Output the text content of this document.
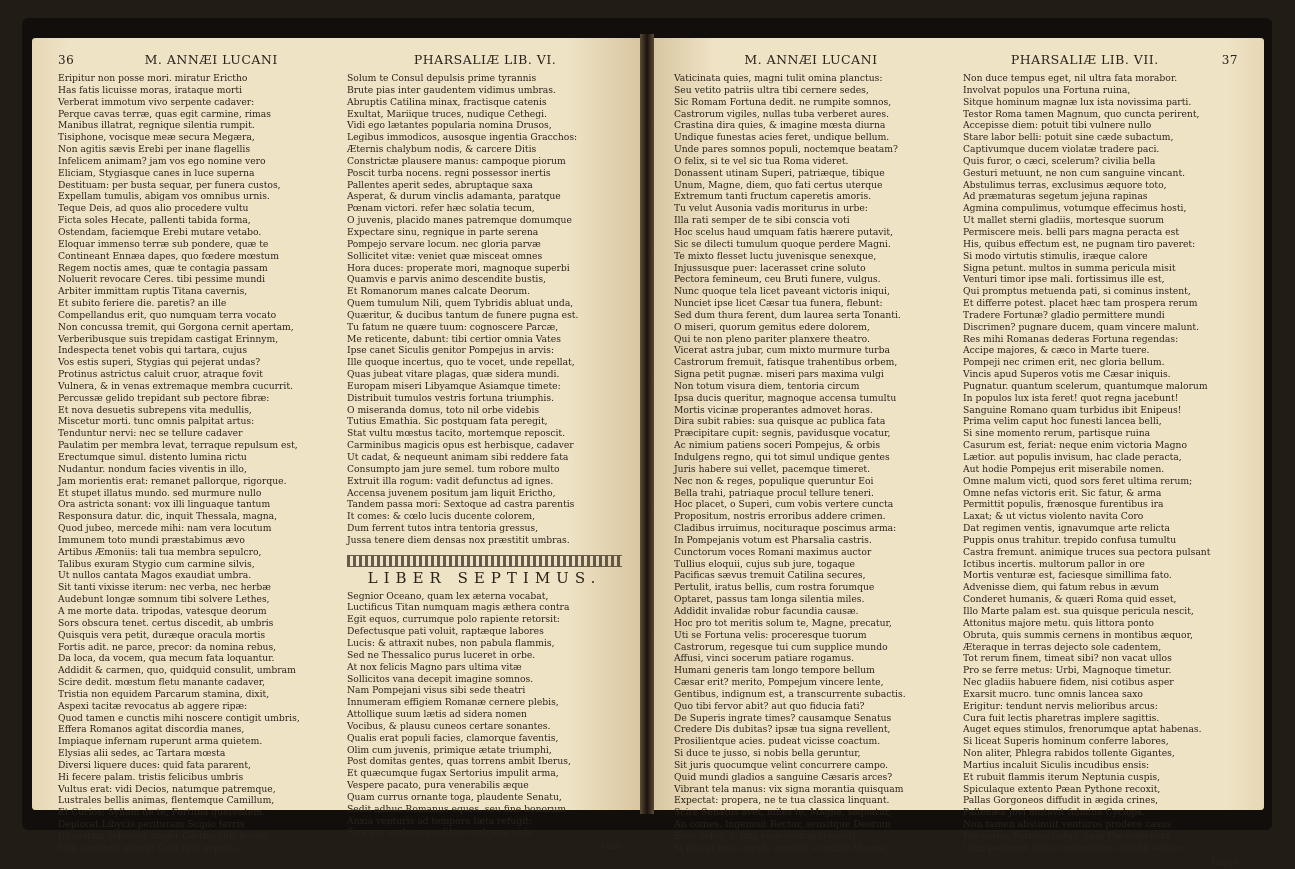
36	M. ANNÆI LUCANI	PHARSALIÆ LIB. VI.
Eripitur non posse mori. miratur Erictho
Has fatis licuisse moras, irataque morti
Verberat immotum vivo serpente cadaver:
Perque cavas terræ, quas egit carmine, rimas
Manibus illatrat, regnique silentia rumpit.
Tisiphone, vocisque meæ secura Megæra,
Non agitis sævis Erebi per inane flagellis
Infelicem animam? jam vos ego nomine vero
Eliciam, Stygiasque canes in luce superna
Destituam: per busta sequar, per funera custos,
Expellam tumulis, abigam vos omnibus urnis.
Teque Deis, ad quos alio procedere vultu
Ficta soles Hecate, pallenti tabida forma,
Ostendam, faciemque Erebi mutare vetabo.
Eloquar immenso terræ sub pondere, quæ te
Contineant Ennæa dapes, quo fœdere mœstum
Regem noctis ames, quæ te contagia passam
Noluerit revocare Ceres. tibi pessime mundi
Arbiter immittam ruptis Titana cavernis,
Et subito feriere die. paretis? an ille
Compellandus erit, quo numquam terra vocato
Non concussa tremit, qui Gorgona cernit apertam,
Verberibusque suis trepidam castigat Erinnym,
Indespecta tenet vobis qui tartara, cujus
Vos estis superi, Stygias qui pejerat undas?
Protinus astrictus caluit cruor, atraque fovit
Vulnera, & in venas extremaque membra cucurrit.
Percussæ gelido trepidant sub pectore fibræ:
Et nova desuetis subrepens vita medullis,
Miscetur morti. tunc omnis palpitat artus:
Tenduntur nervi: nec se tellure cadaver
Paulatim per membra levat, terraque repulsum est,
Erectumque simul. distento lumina rictu
Nudantur. nondum facies viventis in illo,
Jam morientis erat: remanet pallorque, rigorque.
Et stupet illatus mundo. sed murmure nullo
Ora astricta sonant: vox illi linguaque tantum
Responsura datur. dic, inquit Thessala, magna,
Quod jubeo, mercede mihi: nam vera locutum
Immunem toto mundi præstabimus ævo
Artibus Æmoniis: tali tua membra sepulcro,
Talibus exuram Stygio cum carmine silvis,
Ut nullos cantata Magos exaudiat umbra.
Sit tanti vixisse iterum: nec verba, nec herbæ
Audebunt longæ somnum tibi solvere Lethes,
A me morte data. tripodas, vatesque deorum
Sors obscura tenet. certus discedit, ab umbris
Quisquis vera petit, duræque oracula mortis
Fortis adit. ne parce, precor: da nomina rebus,
Da loca, da vocem, qua mecum fata loquantur.
Addidit & carmen, quo, quidquid consulit, umbram
Scire dedit. mœstum fletu manante cadaver,
Tristia non equidem Parcarum stamina, dixit,
Aspexi tacitæ revocatus ab aggere ripæ:
Quod tamen e cunctis mihi noscere contigit umbris,
Effera Romanos agitat discordia manes,
Impiaque infernam ruperunt arma quietem.
Elysias alii sedes, ac Tartara mœsta
Diversi liquere duces: quid fata pararent,
Hi fecere palam. tristis felicibus umbris
Vultus erat: vidi Decios, natumque patremque,
Lustrales bellis animas, flentemque Camillum,
Et Curios; Syllam de te, Fortuna querentem.
Deplorat Libycis perituram Scipio terris
Infaustam sobolem. major Carthaginis hostis,
Non servituri mœret Cato fata nepotis.
Solum te Consul depulsis prime tyrannis
Brute pias inter gaudentem vidimus umbras.
Abruptis Catilina minax, fractisque catenis
Exultat, Mariique truces, nudique Cethegi.
Vidi ego lætantes popularia nomina Drusos,
Legibus immodicos, ausosque ingentia Gracchos:
Æternis chalybum nodis, & carcere Ditis
Constrictæ plausere manus: campoque piorum
Poscit turba nocens. regni possessor inertis
Pallentes aperit sedes, abruptaque saxa
Asperat, & durum vinclis adamanta, paratque
Pœnam victori. refer hæc solatia tecum,
O juvenis, placido manes patremque domumque
Expectare sinu, regnique in parte serena
Pompejo servare locum. nec gloria parvæ
Sollicitet vitæ: veniet quæ misceat omnes
Hora duces: properate mori, magnoque superbi
Quamvis e parvis animo descendite bustis,
Et Romanorum manes calcate Deorum.
Quem tumulum Nili, quem Tybridis abluat unda,
Quæritur, & ducibus tantum de funere pugna est.
Tu fatum ne quære tuum: cognoscere Parcæ,
Me reticente, dabunt: tibi certior omnia Vates
Ipse canet Siculis genitor Pompejus in arvis:
Ille quoque incertus, quo te vocet, unde repellat,
Quas jubeat vitare plagas, quæ sidera mundi.
Europam miseri Libyamque Asiamque timete:
Distribuit tumulos vestris fortuna triumphis.
O miseranda domus, toto nil orbe videbis
Tutius Emathia. Sic postquam fata peregit,
Stat vultu mœstus tacito, mortemque reposcit.
Carminibus magicis opus est herbisque, cadaver
Ut cadat, & nequeunt animam sibi reddere fata
Consumpto jam jure semel. tum robore multo
Extruit illa rogum: vadit defunctus ad ignes.
Accensa juvenem positum jam liquit Erictho,
Tandem passa mori: Sextoque ad castra parentis
It comes: & cœlo lucis ducente colorem,
Dum ferrent tutos intra tentoria gressus,
Jussa tenere diem densas nox præstitit umbras.
LIBER SEPTIMUS.
Segnior Oceano, quam lex æterna vocabat,
Luctificus Titan numquam magis æthera contra
Egit equos, currumque polo rapiente retorsit:
Defectusque pati voluit, raptæque labores
Lucis: & attraxit nubes, non pabula flammis,
Sed ne Thessalico purus luceret in orbe.
At nox felicis Magno pars ultima vitæ
Sollicitos vana decepit imagine somnos.
Nam Pompejani visus sibi sede theatri
Innumeram effigiem Romanæ cernere plebis,
Attollique suum lætis ad sidera nomen
Vocibus, & plausu cuneos certare sonantes.
Qualis erat populi facies, clamorque faventis,
Olim cum juvenis, primique ætate triumphi,
Post domitas gentes, quas torrens ambit Iberus,
Et quæcumque fugax Sertorius impulit arma,
Vespere pacato, pura venerabilis æque
Quam currus ornante toga, plaudente Senatu,
Sedit adhuc Romanus eques. seu fine bonorum
Anxia venturis ad tempora læta refugit:
Sive per ambages solitas contraria visis
Vati-
M. ANNÆI LUCANI	PHARSALIÆ LIB. VII.	37
Vaticinata quies, magni tulit omina planctus:
Seu vetito patriis ultra tibi cernere sedes,
Sic Romam Fortuna dedit. ne rumpite somnos,
Castrorum vigiles, nullas tuba verberet aures.
Crastina dira quies, & imagine mœsta diurna
Undique funestas acies feret, undique bellum.
Unde pares somnos populi, noctemque beatam?
O felix, si te vel sic tua Roma videret.
Donassent utinam Superi, patriæque, tibique
Unum, Magne, diem, quo fati certus uterque
Extremum tanti fructum caperetis amoris.
Tu velut Ausonia vadis moriturus in urbe:
Illa rati semper de te sibi conscia voti
Hoc scelus haud umquam fatis hærere putavit,
Sic se dilecti tumulum quoque perdere Magni.
Te mixto flesset luctu juvenisque senexque,
Injussusque puer: lacerasset crine soluto
Pectora femineum, ceu Bruti funere, vulgus.
Nunc quoque tela licet paveant victoris iniqui,
Nunciet ipse licet Cæsar tua funera, flebunt:
Sed dum thura ferent, dum laurea serta Tonanti.
O miseri, quorum gemitus edere dolorem,
Qui te non pleno pariter planxere theatro.
Vicerat astra jubar, cum mixto murmure turba
Castrorum fremuit, fatisque trahentibus orbem,
Signa petit pugnæ. miseri pars maxima vulgi
Non totum visura diem, tentoria circum
Ipsa ducis queritur, magnoque accensa tumultu
Mortis vicinæ properantes admovet horas.
Dira subit rabies: sua quisque ac publica fata
Præcipitare cupit: segnis, pavidusque vocatur,
Ac nimium patiens soceri Pompejus, & orbis
Indulgens regno, qui tot simul undique gentes
Juris habere sui vellet, pacemque timeret.
Nec non & reges, populique queruntur Eoi
Bella trahi, patriaque procul tellure teneri.
Hoc placet, o Superi, cum vobis vertere cuncta
Propositum, nostris erroribus addere crimen.
Cladibus irruimus, nocituraque poscimus arma:
In Pompejanis votum est Pharsalia castris.
Cunctorum voces Romani maximus auctor
Tullius eloquii, cujus sub jure, togaque
Pacificas sævus tremuit Catilina secures,
Pertulit, iratus bellis, cum rostra forumque
Optaret, passus tam longa silentia miles.
Addidit invalidæ robur facundia causæ.
Hoc pro tot meritis solum te, Magne, precatur,
Uti se Fortuna velis: proceresque tuorum
Castrorum, regesque tui cum supplice mundo
Affusi, vinci socerum patiare rogamus.
Humani generis tam longo tempore bellum
Cæsar erit? merito, Pompejum vincere lente,
Gentibus, indignum est, a transcurrente subactis.
Quo tibi fervor abit? aut quo fiducia fati?
De Superis ingrate times? causamque Senatus
Credere Dis dubitas? ipsæ tua signa revellent,
Prosilientque acies. pudeat vicisse coactum.
Si duce te jusso, si nobis bella geruntur,
Sit juris quocumque velint concurrere campo.
Quid mundi gladios a sanguine Cæsaris arces?
Vibrant tela manus: vix signa morantia quisquam
Expectat: propera, ne te tua classica linquant.
Scire Senatus avet, miles te, Magne, sequatur,
An comes. Ingemuit Rector, sensitque Deorum
Esse dolos, & fata suæ contraria menti.
Si placet hoc, inquit, cunctis, si milite Magno,
Non duce tempus eget, nil ultra fata morabor.
Involvat populos una Fortuna ruina,
Sitque hominum magnæ lux ista novissima parti.
Testor Roma tamen Magnum, quo cuncta perirent,
Accepisse diem: potuit tibi vulnere nullo
Stare labor belli: potuit sine cæde subactum,
Captivumque ducem violatæ tradere paci.
Quis furor, o cæci, scelerum? civilia bella
Gesturi metuunt, ne non cum sanguine vincant.
Abstulimus terras, exclusimus æquore toto,
Ad præmaturas segetum jejuna rapinas
Agmina compulimus, votumque effecimus hosti,
Ut mallet sterni gladiis, mortesque suorum
Permiscere meis. belli pars magna peracta est
His, quibus effectum est, ne pugnam tiro paveret:
Si modo virtutis stimulis, iræque calore
Signa petunt. multos in summa pericula misit
Venturi timor ipse mali. fortissimus ille est,
Qui promptus metuenda pati, si cominus instent,
Et differre potest. placet hæc tam prospera rerum
Tradere Fortunæ? gladio permittere mundi
Discrimen? pugnare ducem, quam vincere malunt.
Res mihi Romanas dederas Fortuna regendas:
Accipe majores, & cæco in Marte tuere.
Pompeji nec crimen erit, nec gloria bellum.
Vincis apud Superos votis me Cæsar iniquis.
Pugnatur. quantum scelerum, quantumque malorum
In populos lux ista feret! quot regna jacebunt!
Sanguine Romano quam turbidus ibit Enipeus!
Prima velim caput hoc funesti lancea belli,
Si sine momento rerum, partisque ruina
Casurum est, feriat: neque enim victoria Magno
Lætior. aut populis invisum, hac clade peracta,
Aut hodie Pompejus erit miserabile nomen.
Omne malum victi, quod sors feret ultima rerum;
Omne nefas victoris erit. Sic fatur, & arma
Permittit populis, frænosque furentibus ira
Laxat; & ut victus violento navita Coro
Dat regimen ventis, ignavumque arte relicta
Puppis onus trahitur. trepido confusa tumultu
Castra fremunt. animique truces sua pectora pulsant
Ictibus incertis. multorum pallor in ore
Mortis venturæ est, faciesque simillima fato.
Advenisse diem, qui fatum rebus in ævum
Conderet humanis, & quæri Roma quid esset,
Illo Marte palam est. sua quisque pericula nescit,
Attonitus majore metu. quis littora ponto
Obruta, quis summis cernens in montibus æquor,
Æteraque in terras dejecto sole cadentem,
Tot rerum finem, timeat sibi? non vacat ullos
Pro se ferre metus: Urbi, Magnoque timetur.
Nec gladiis habuere fidem, nisi cotibus asper
Exarsit mucro. tunc omnis lancea saxo
Erigitur: tendunt nervis melioribus arcus:
Cura fuit lectis pharetras implere sagittis.
Auget eques stimulos, frenorumque aptat habenas.
Si liceat Superis hominum conferre labores,
Non aliter, Phlegra rabidos tollente Gigantes,
Martius incaluit Siculis incudibus ensis:
Et rubuit flammis iterum Neptunia cuspis,
Spiculaque extento Pæan Pythone recoxit,
Pallas Gorgoneos diffudit in ægida crines,
Pallenæa Jovi mutavit fulmina Cyclops.
Non tamen abstinuit venturos prodere casus
Per varias Fortuna notas. nam Thessala rura
Cum peterent, totus venientibus obstitit æther:
Inque
